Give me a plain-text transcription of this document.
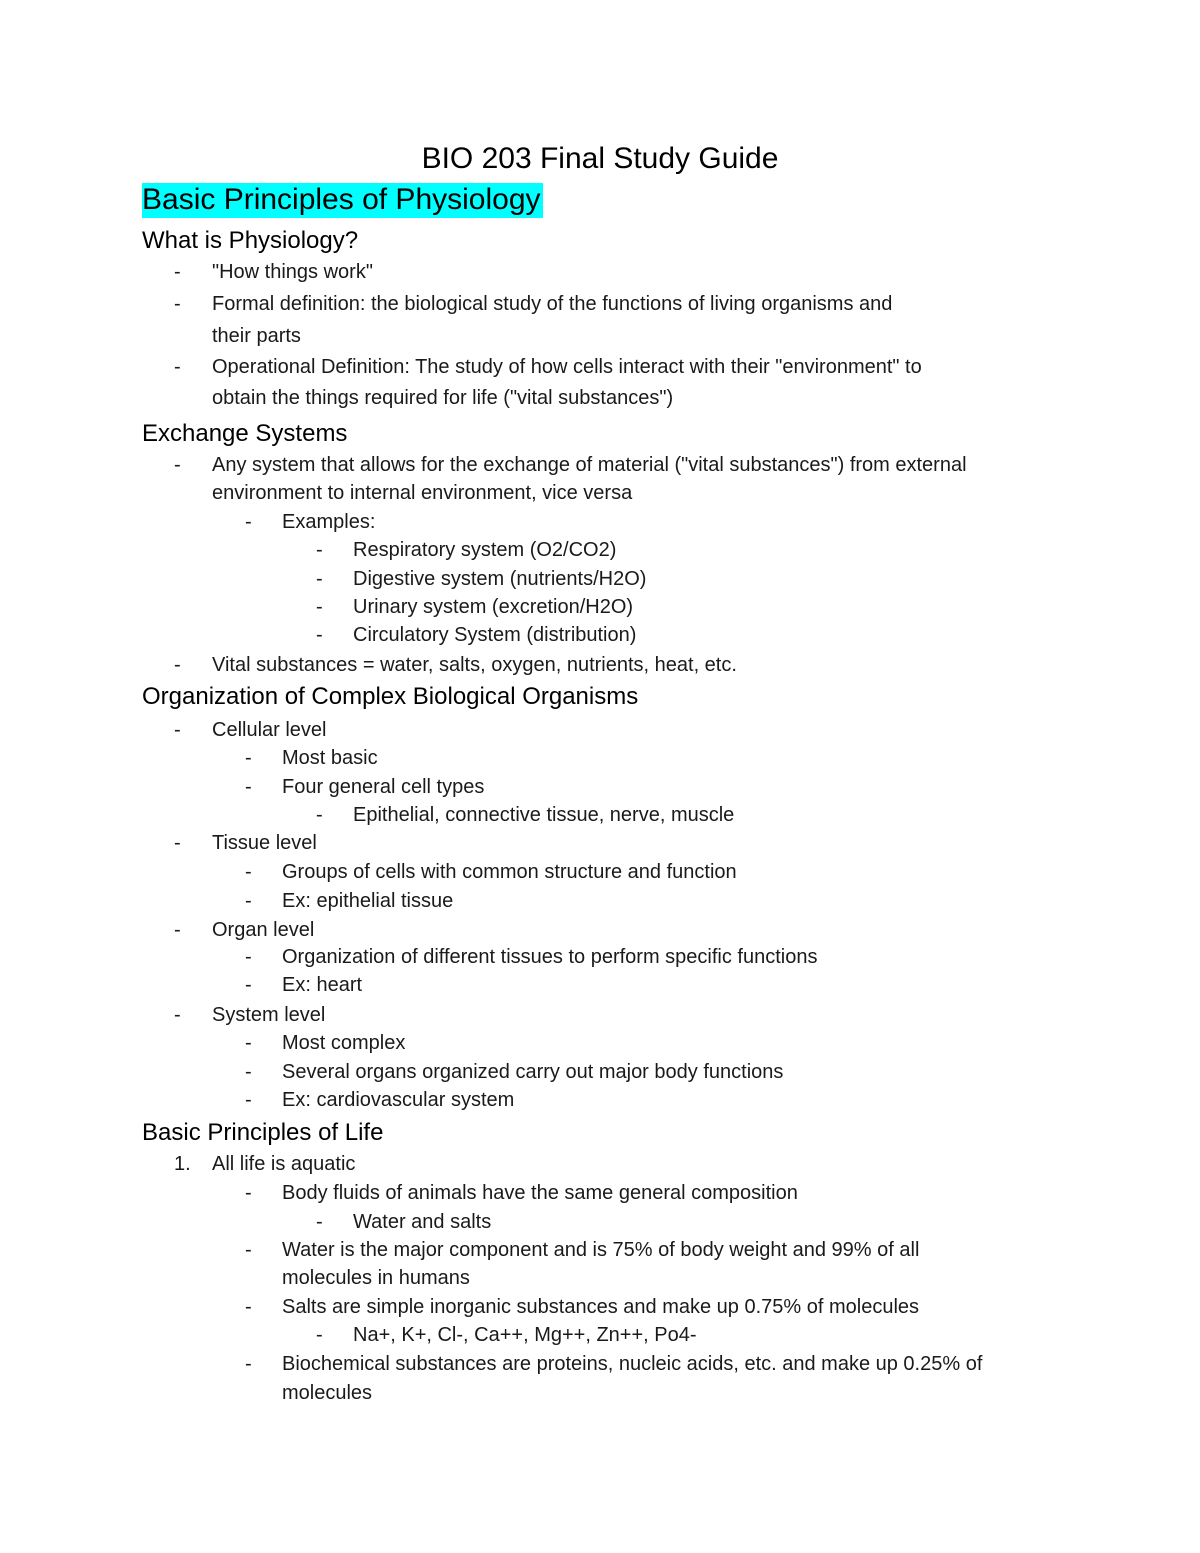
BIO 203 Final Study Guide
Basic Principles of Physiology
What is Physiology?
-	"How things work"
-	Formal definition: the biological study of the functions of living organisms and
their parts
-	Operational Definition: The study of how cells interact with their "environment" to
obtain the things required for life ("vital substances")
Exchange Systems
-	Any system that allows for the exchange of material ("vital substances") from external
environment to internal environment, vice versa
-	Examples:
-	Respiratory system (O2/CO2)
-	Digestive system (nutrients/H2O)
-	Urinary system (excretion/H2O)
-	Circulatory System (distribution)
-	Vital substances = water, salts, oxygen, nutrients, heat, etc.
Organization of Complex Biological Organisms
-	Cellular level
-	Most basic
-	Four general cell types
-	Epithelial, connective tissue, nerve, muscle
-	Tissue level
-	Groups of cells with common structure and function
-	Ex: epithelial tissue
-	Organ level
-	Organization of different tissues to perform specific functions
-	Ex: heart
-	System level
-	Most complex
-	Several organs organized carry out major body functions
-	Ex: cardiovascular system
Basic Principles of Life
1.	All life is aquatic
-	Body fluids of animals have the same general composition
-	Water and salts
-	Water is the major component and is 75% of body weight and 99% of all
molecules in humans
-	Salts are simple inorganic substances and make up 0.75% of molecules
-	Na+, K+, Cl-, Ca++, Mg++, Zn++, Po4-
-	Biochemical substances are proteins, nucleic acids, etc. and make up 0.25% of
molecules
